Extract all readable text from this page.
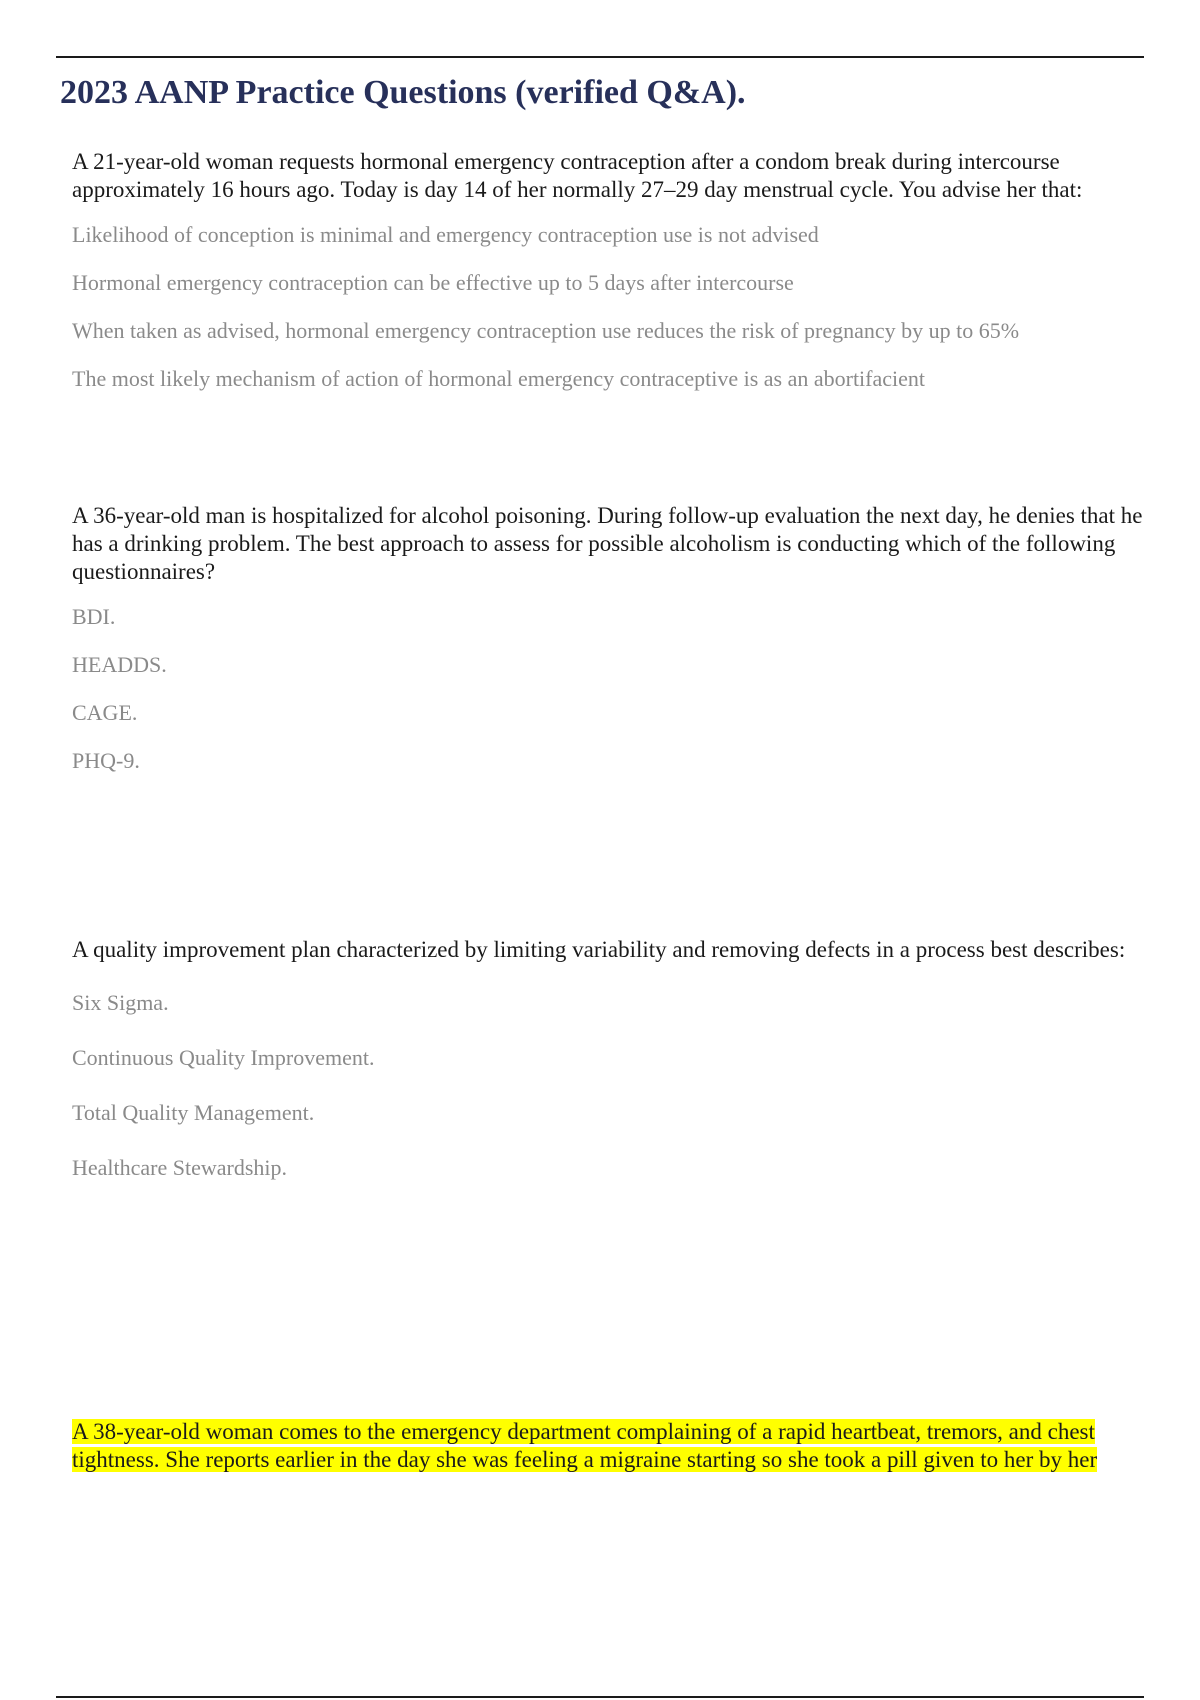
2023 AANP Practice Questions (verified Q&A).

A 21-year-old woman requests hormonal emergency contraception after a condom break during intercourse approximately 16 hours ago. Today is day 14 of her normally 27–29 day menstrual cycle. You advise her that:

Likelihood of conception is minimal and emergency contraception use is not advised
Hormonal emergency contraception can be effective up to 5 days after intercourse
When taken as advised, hormonal emergency contraception use reduces the risk of pregnancy by up to 65%
The most likely mechanism of action of hormonal emergency contraceptive is as an abortifacient

A 36-year-old man is hospitalized for alcohol poisoning. During follow-up evaluation the next day, he denies that he has a drinking problem. The best approach to assess for possible alcoholism is conducting which of the following questionnaires?

BDI.
HEADDS.
CAGE.
PHQ-9.

A quality improvement plan characterized by limiting variability and removing defects in a process best describes:

Six Sigma.
Continuous Quality Improvement.
Total Quality Management.
Healthcare Stewardship.

A 38-year-old woman comes to the emergency department complaining of a rapid heartbeat, tremors, and chest tightness. She reports earlier in the day she was feeling a migraine starting so she took a pill given to her by her
